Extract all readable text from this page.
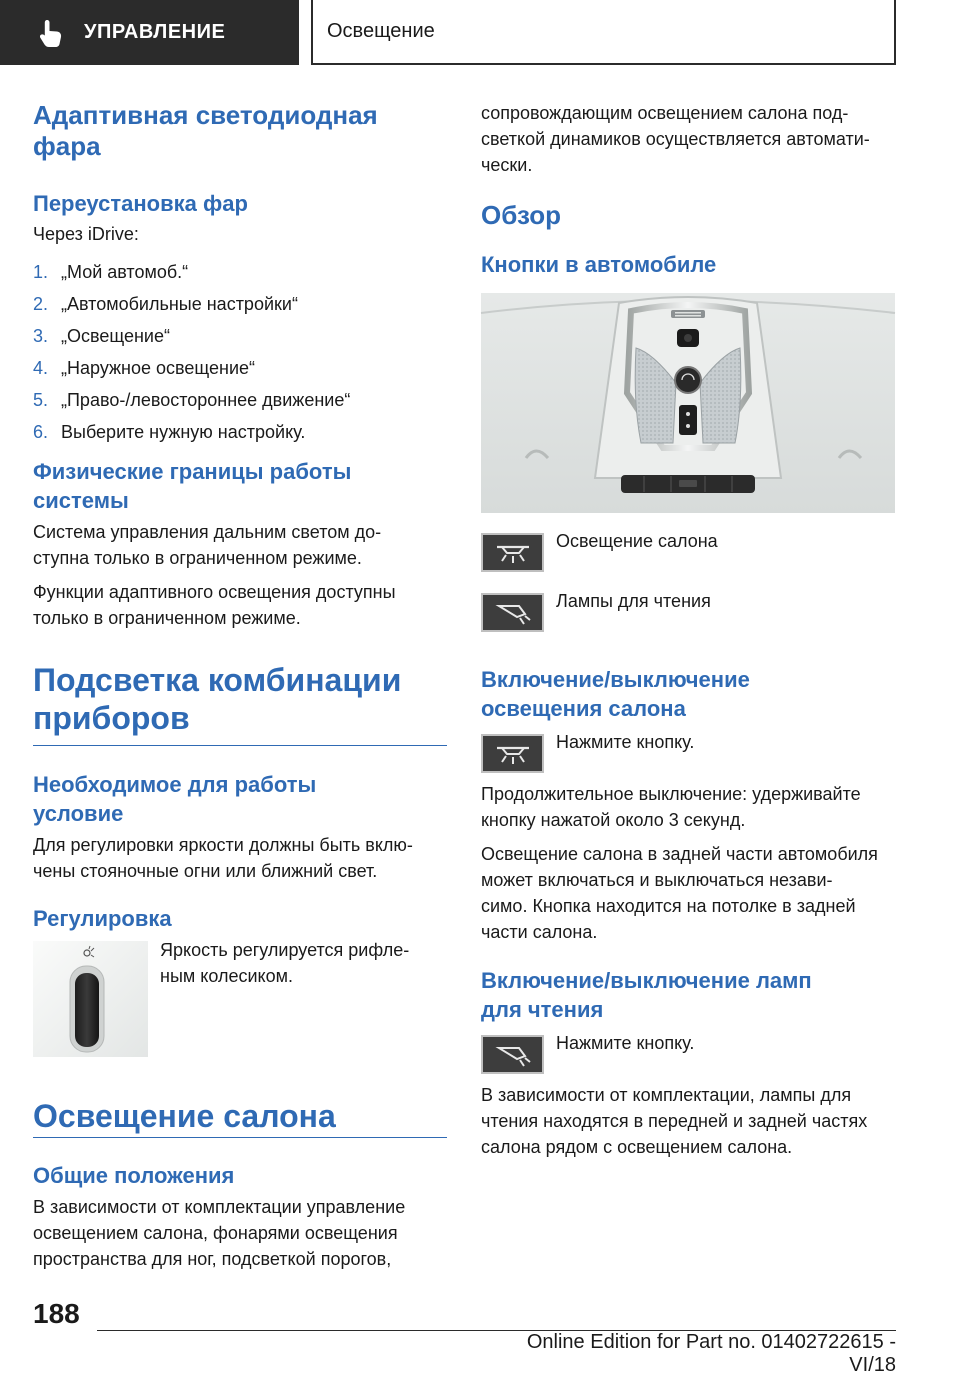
УПРАВЛЕНИЕ	Освещение
Адаптивная светодиодная фара
Переустановка фар
Через iDrive:
1. „Мой автомоб.“
2. „Автомобильные настройки“
3. „Освещение“
4. „Наружное освещение“
5. „Право-/левостороннее движение“
6. Выберите нужную настройку.
Физические границы работы
системы
Система управления дальним светом до-
ступна только в ограниченном режиме.
Функции адаптивного освещения доступны
только в ограниченном режиме.
Подсветка комбинации
приборов
Необходимое для работы
условие
Для регулировки яркости должны быть вклю-
чены стояночные огни или ближний свет.
Регулировка
Яркость регулируется рифле-
ным колесиком.
Освещение салона
Общие положения
В зависимости от комплектации управление
освещением салона, фонарями освещения
пространства для ног, подсветкой порогов,
сопровождающим освещением салона под-
светкой динамиков осуществляется автомати-
чески.
Обзор
Кнопки в автомобиле
Освещение салона
Лампы для чтения
Включение/выключение
освещения салона
Нажмите кнопку.
Продолжительное выключение: удерживайте
кнопку нажатой около 3 секунд.
Освещение салона в задней части автомобиля
может включаться и выключаться незави-
симо. Кнопка находится на потолке в задней
части салона.
Включение/выключение ламп
для чтения
Нажмите кнопку.
В зависимости от комплектации, лампы для
чтения находятся в передней и задней частях
салона рядом с освещением салона.
188
Online Edition for Part no. 01402722615 - VI/18
